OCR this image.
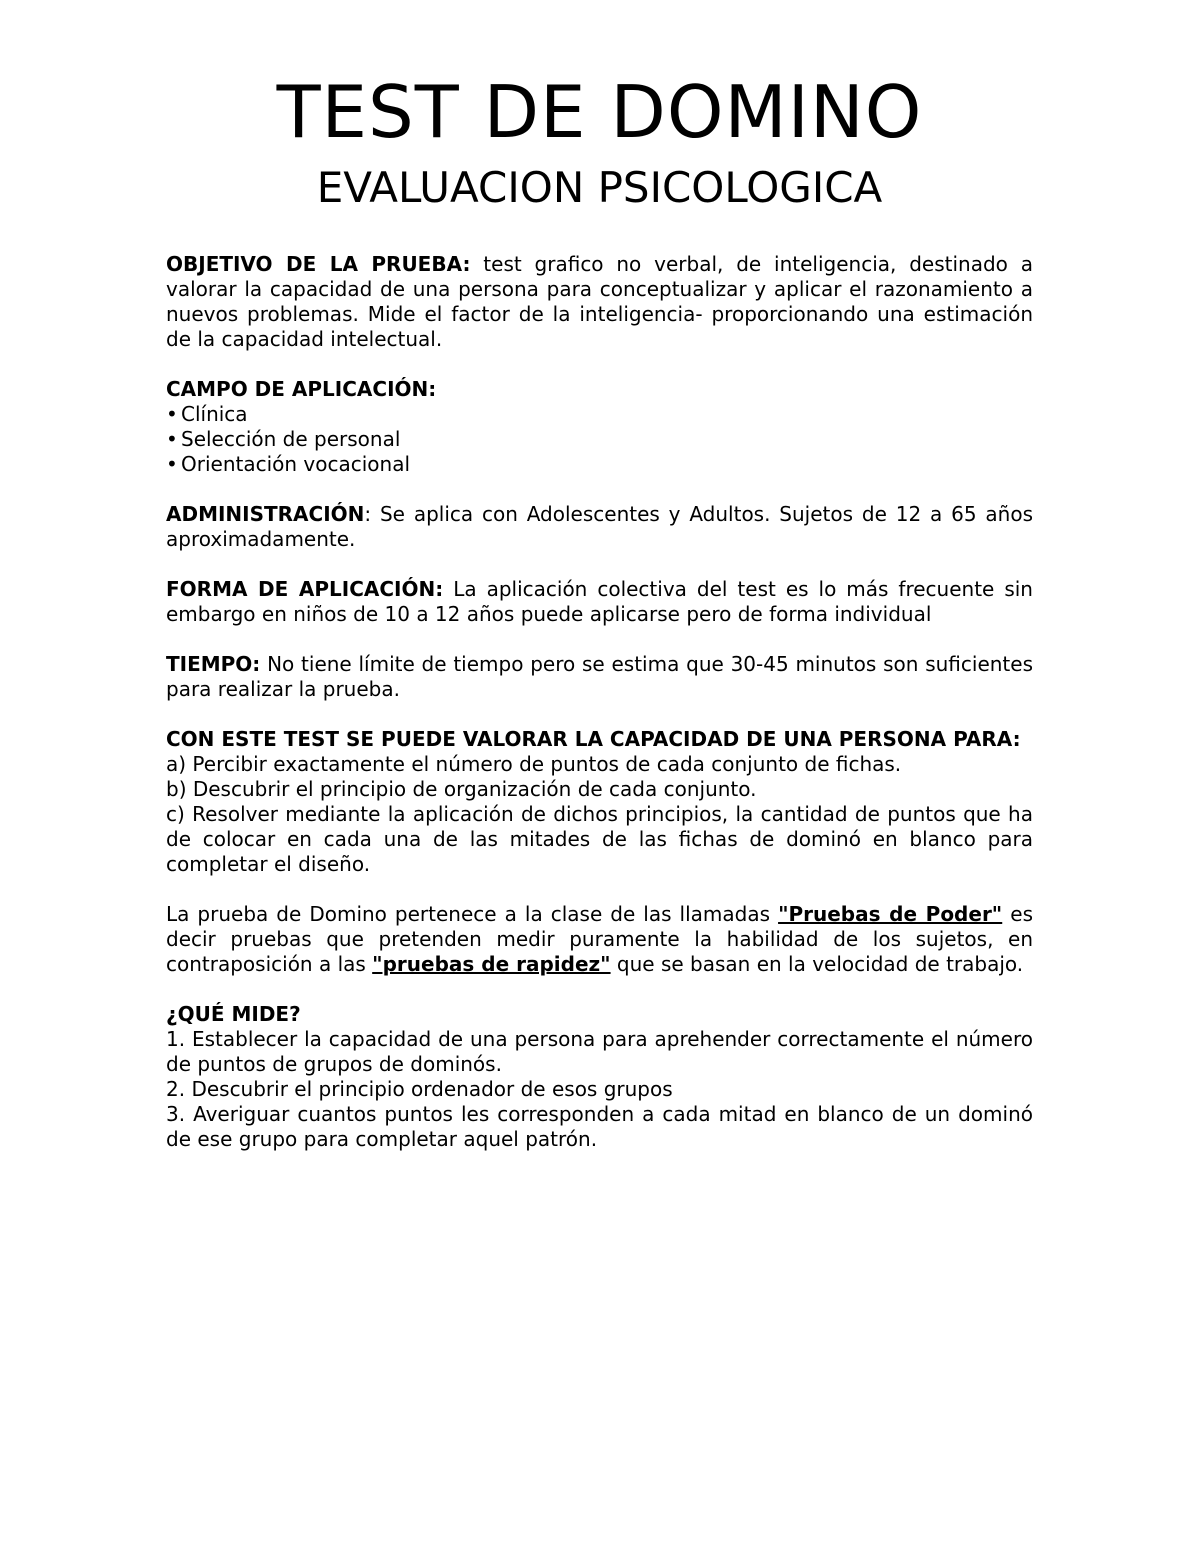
TEST DE DOMINO
EVALUACION PSICOLOGICA

OBJETIVO DE LA PRUEBA: test grafico no verbal, de inteligencia, destinado a valorar la capacidad de una persona para conceptualizar y aplicar el razonamiento a nuevos problemas. Mide el factor de la inteligencia- proporcionando una estimación de la capacidad intelectual.

CAMPO DE APLICACIÓN:

• Clínica
• Selección de personal
• Orientación vocacional

ADMINISTRACIÓN: Se aplica con Adolescentes y Adultos. Sujetos de 12 a 65 años aproximadamente.

FORMA DE APLICACIÓN: La aplicación colectiva del test es lo más frecuente sin embargo en niños de 10 a 12 años puede aplicarse pero de forma individual

TIEMPO: No tiene límite de tiempo pero se estima que 30-45 minutos son suficientes para realizar la prueba.

CON ESTE TEST SE PUEDE VALORAR LA CAPACIDAD DE UNA PERSONA PARA:

a) Percibir exactamente el número de puntos de cada conjunto de fichas.
b) Descubrir el principio de organización de cada conjunto.
c) Resolver mediante la aplicación de dichos principios, la cantidad de puntos que ha de colocar en cada una de las mitades de las fichas de dominó en blanco para completar el diseño.

La prueba de Domino pertenece a la clase de las llamadas "Pruebas de Poder" es decir pruebas que pretenden medir puramente la habilidad de los sujetos, en contraposición a las "pruebas de rapidez" que se basan en la velocidad de trabajo.

¿QUÉ MIDE?

1. Establecer la capacidad de una persona para aprehender correctamente el número de puntos de grupos de dominós.
2. Descubrir el principio ordenador de esos grupos
3. Averiguar cuantos puntos les corresponden a cada mitad en blanco de un dominó de ese grupo para completar aquel patrón.
